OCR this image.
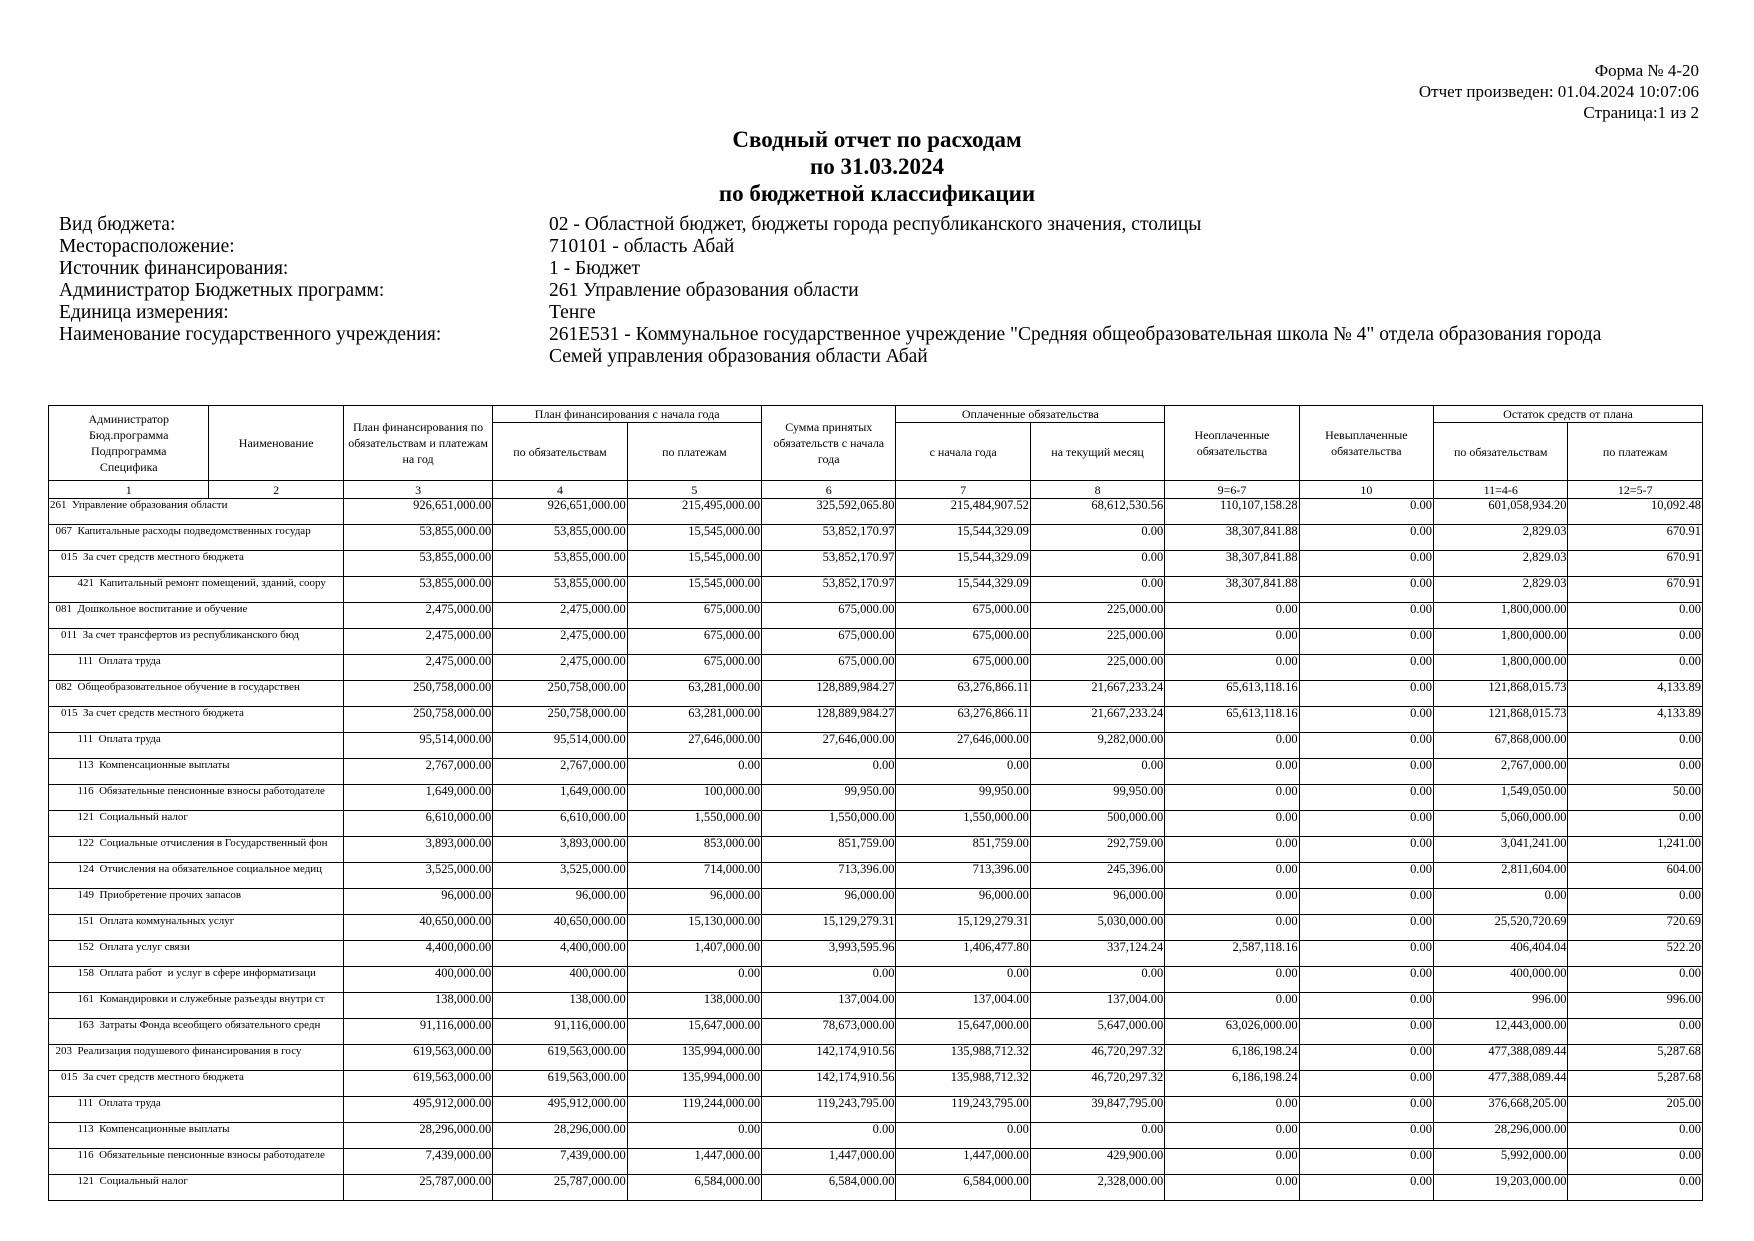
Форма № 4-20
Отчет произведен: 01.04.2024 10:07:06
Страница:1 из 2
Сводный отчет по расходам
по 31.03.2024
по бюджетной классификации
Вид бюджета:	02 - Областной бюджет, бюджеты города республиканского значения, столицы
Месторасположение:	710101 - область Абай
Источник финансирования:	1 - Бюджет
Администратор Бюджетных программ:	261 Управление образования области
Единица измерения:	Тенге
Наименование государственного учреждения:	261E531 - Коммунальное государственное учреждение "Средняя общеобразовательная школа № 4" отдела образования города Семей управления образования области Абай
Администратор
Бюд.программа
Подпрограмма
Специфика	Наименование	План финансирования по обязательствам и платежам на год	План финансирования с начала года		Сумма принятых обязательств с начала года	Оплаченные обязательства		Неоплаченные обязательства	Невыплаченные обязательства	Остаток средств от плана	
			по обязательствам	по платежам		с начала года	на текущий месяц			по обязательствам	по платежам
1	2	3	4	5	6	7	8	9=6-7	10	11=4-6	12=5-7
261  Управление образования области		926,651,000.00	926,651,000.00	215,495,000.00	325,592,065.80	215,484,907.52	68,612,530.56	110,107,158.28	0.00	601,058,934.20	10,092.48
067  Капитальные расходы подведомственных государ		53,855,000.00	53,855,000.00	15,545,000.00	53,852,170.97	15,544,329.09	0.00	38,307,841.88	0.00	2,829.03	670.91
015  За счет средств местного бюджета		53,855,000.00	53,855,000.00	15,545,000.00	53,852,170.97	15,544,329.09	0.00	38,307,841.88	0.00	2,829.03	670.91
421  Капитальный ремонт помещений, зданий, соору		53,855,000.00	53,855,000.00	15,545,000.00	53,852,170.97	15,544,329.09	0.00	38,307,841.88	0.00	2,829.03	670.91
081  Дошкольное воспитание и обучение		2,475,000.00	2,475,000.00	675,000.00	675,000.00	675,000.00	225,000.00	0.00	0.00	1,800,000.00	0.00
011  За счет трансфертов из республиканского бюд		2,475,000.00	2,475,000.00	675,000.00	675,000.00	675,000.00	225,000.00	0.00	0.00	1,800,000.00	0.00
111  Оплата труда		2,475,000.00	2,475,000.00	675,000.00	675,000.00	675,000.00	225,000.00	0.00	0.00	1,800,000.00	0.00
082  Общеобразовательное обучение в государствен		250,758,000.00	250,758,000.00	63,281,000.00	128,889,984.27	63,276,866.11	21,667,233.24	65,613,118.16	0.00	121,868,015.73	4,133.89
015  За счет средств местного бюджета		250,758,000.00	250,758,000.00	63,281,000.00	128,889,984.27	63,276,866.11	21,667,233.24	65,613,118.16	0.00	121,868,015.73	4,133.89
111  Оплата труда		95,514,000.00	95,514,000.00	27,646,000.00	27,646,000.00	27,646,000.00	9,282,000.00	0.00	0.00	67,868,000.00	0.00
113  Компенсационные выплаты		2,767,000.00	2,767,000.00	0.00	0.00	0.00	0.00	0.00	0.00	2,767,000.00	0.00
116  Обязательные пенсионные взносы работодателе		1,649,000.00	1,649,000.00	100,000.00	99,950.00	99,950.00	99,950.00	0.00	0.00	1,549,050.00	50.00
121  Социальный налог		6,610,000.00	6,610,000.00	1,550,000.00	1,550,000.00	1,550,000.00	500,000.00	0.00	0.00	5,060,000.00	0.00
122  Социальные отчисления в Государственный фон		3,893,000.00	3,893,000.00	853,000.00	851,759.00	851,759.00	292,759.00	0.00	0.00	3,041,241.00	1,241.00
124  Отчисления на обязательное социальное медиц		3,525,000.00	3,525,000.00	714,000.00	713,396.00	713,396.00	245,396.00	0.00	0.00	2,811,604.00	604.00
149  Приобретение прочих запасов		96,000.00	96,000.00	96,000.00	96,000.00	96,000.00	96,000.00	0.00	0.00	0.00	0.00
151  Оплата коммунальных услуг		40,650,000.00	40,650,000.00	15,130,000.00	15,129,279.31	15,129,279.31	5,030,000.00	0.00	0.00	25,520,720.69	720.69
152  Оплата услуг связи		4,400,000.00	4,400,000.00	1,407,000.00	3,993,595.96	1,406,477.80	337,124.24	2,587,118.16	0.00	406,404.04	522.20
158  Оплата работ  и услуг в сфере информатизаци		400,000.00	400,000.00	0.00	0.00	0.00	0.00	0.00	0.00	400,000.00	0.00
161  Командировки и служебные разъезды внутри ст		138,000.00	138,000.00	138,000.00	137,004.00	137,004.00	137,004.00	0.00	0.00	996.00	996.00
163  Затраты Фонда всеобщего обязательного средн		91,116,000.00	91,116,000.00	15,647,000.00	78,673,000.00	15,647,000.00	5,647,000.00	63,026,000.00	0.00	12,443,000.00	0.00
203  Реализация подушевого финансирования в госу		619,563,000.00	619,563,000.00	135,994,000.00	142,174,910.56	135,988,712.32	46,720,297.32	6,186,198.24	0.00	477,388,089.44	5,287.68
015  За счет средств местного бюджета		619,563,000.00	619,563,000.00	135,994,000.00	142,174,910.56	135,988,712.32	46,720,297.32	6,186,198.24	0.00	477,388,089.44	5,287.68
111  Оплата труда		495,912,000.00	495,912,000.00	119,244,000.00	119,243,795.00	119,243,795.00	39,847,795.00	0.00	0.00	376,668,205.00	205.00
113  Компенсационные выплаты		28,296,000.00	28,296,000.00	0.00	0.00	0.00	0.00	0.00	0.00	28,296,000.00	0.00
116  Обязательные пенсионные взносы работодателе		7,439,000.00	7,439,000.00	1,447,000.00	1,447,000.00	1,447,000.00	429,900.00	0.00	0.00	5,992,000.00	0.00
121  Социальный налог		25,787,000.00	25,787,000.00	6,584,000.00	6,584,000.00	6,584,000.00	2,328,000.00	0.00	0.00	19,203,000.00	0.00
